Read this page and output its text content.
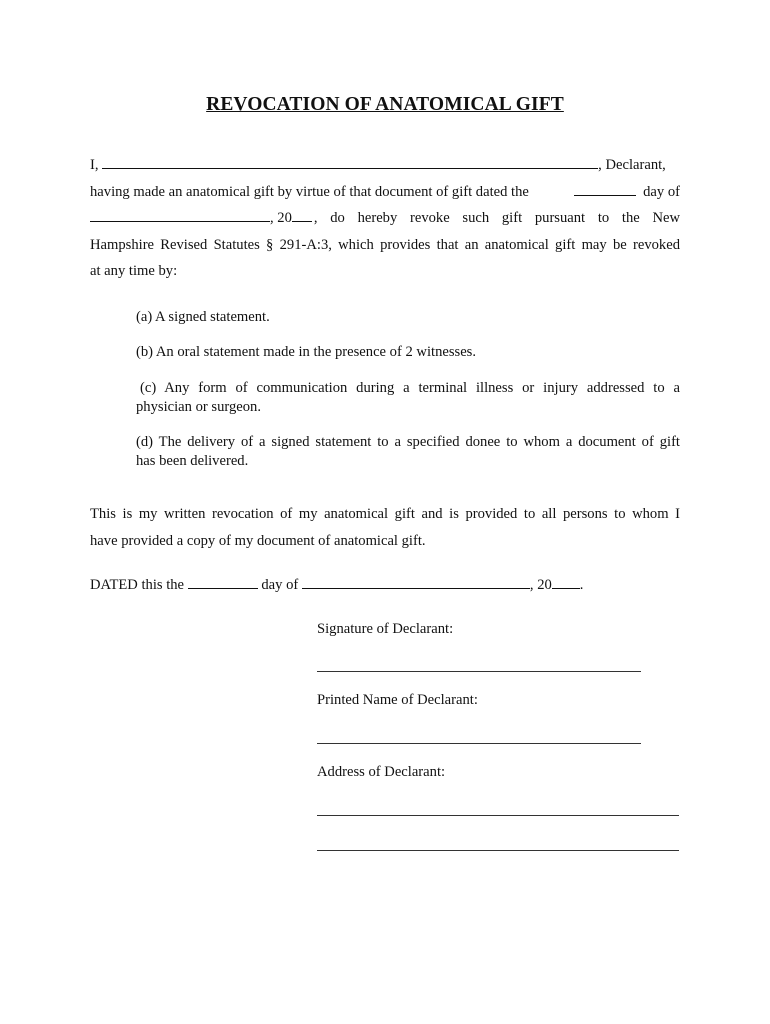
REVOCATION OF ANATOMICAL GIFT
I,	, Declarant,
having made an anatomical gift by virtue of that document of gift dated the	day of
, 20	, do hereby revoke such gift pursuant to the New
Hampshire Revised Statutes § 291-A:3, which provides that an anatomical gift may be revoked
at any time by:
(a) A signed statement.
(b) An oral statement made in the presence of 2 witnesses.
(c) Any form of communication during a terminal illness or injury addressed to a
physician or surgeon.
(d) The delivery of a signed statement to a specified donee to whom a document of gift
has been delivered.
This is my written revocation of my anatomical gift and is provided to all persons to whom I
have provided a copy of my document of anatomical gift.
DATED this the	day of	, 20 .
Signature of Declarant:
Printed Name of Declarant:
Address of Declarant:
